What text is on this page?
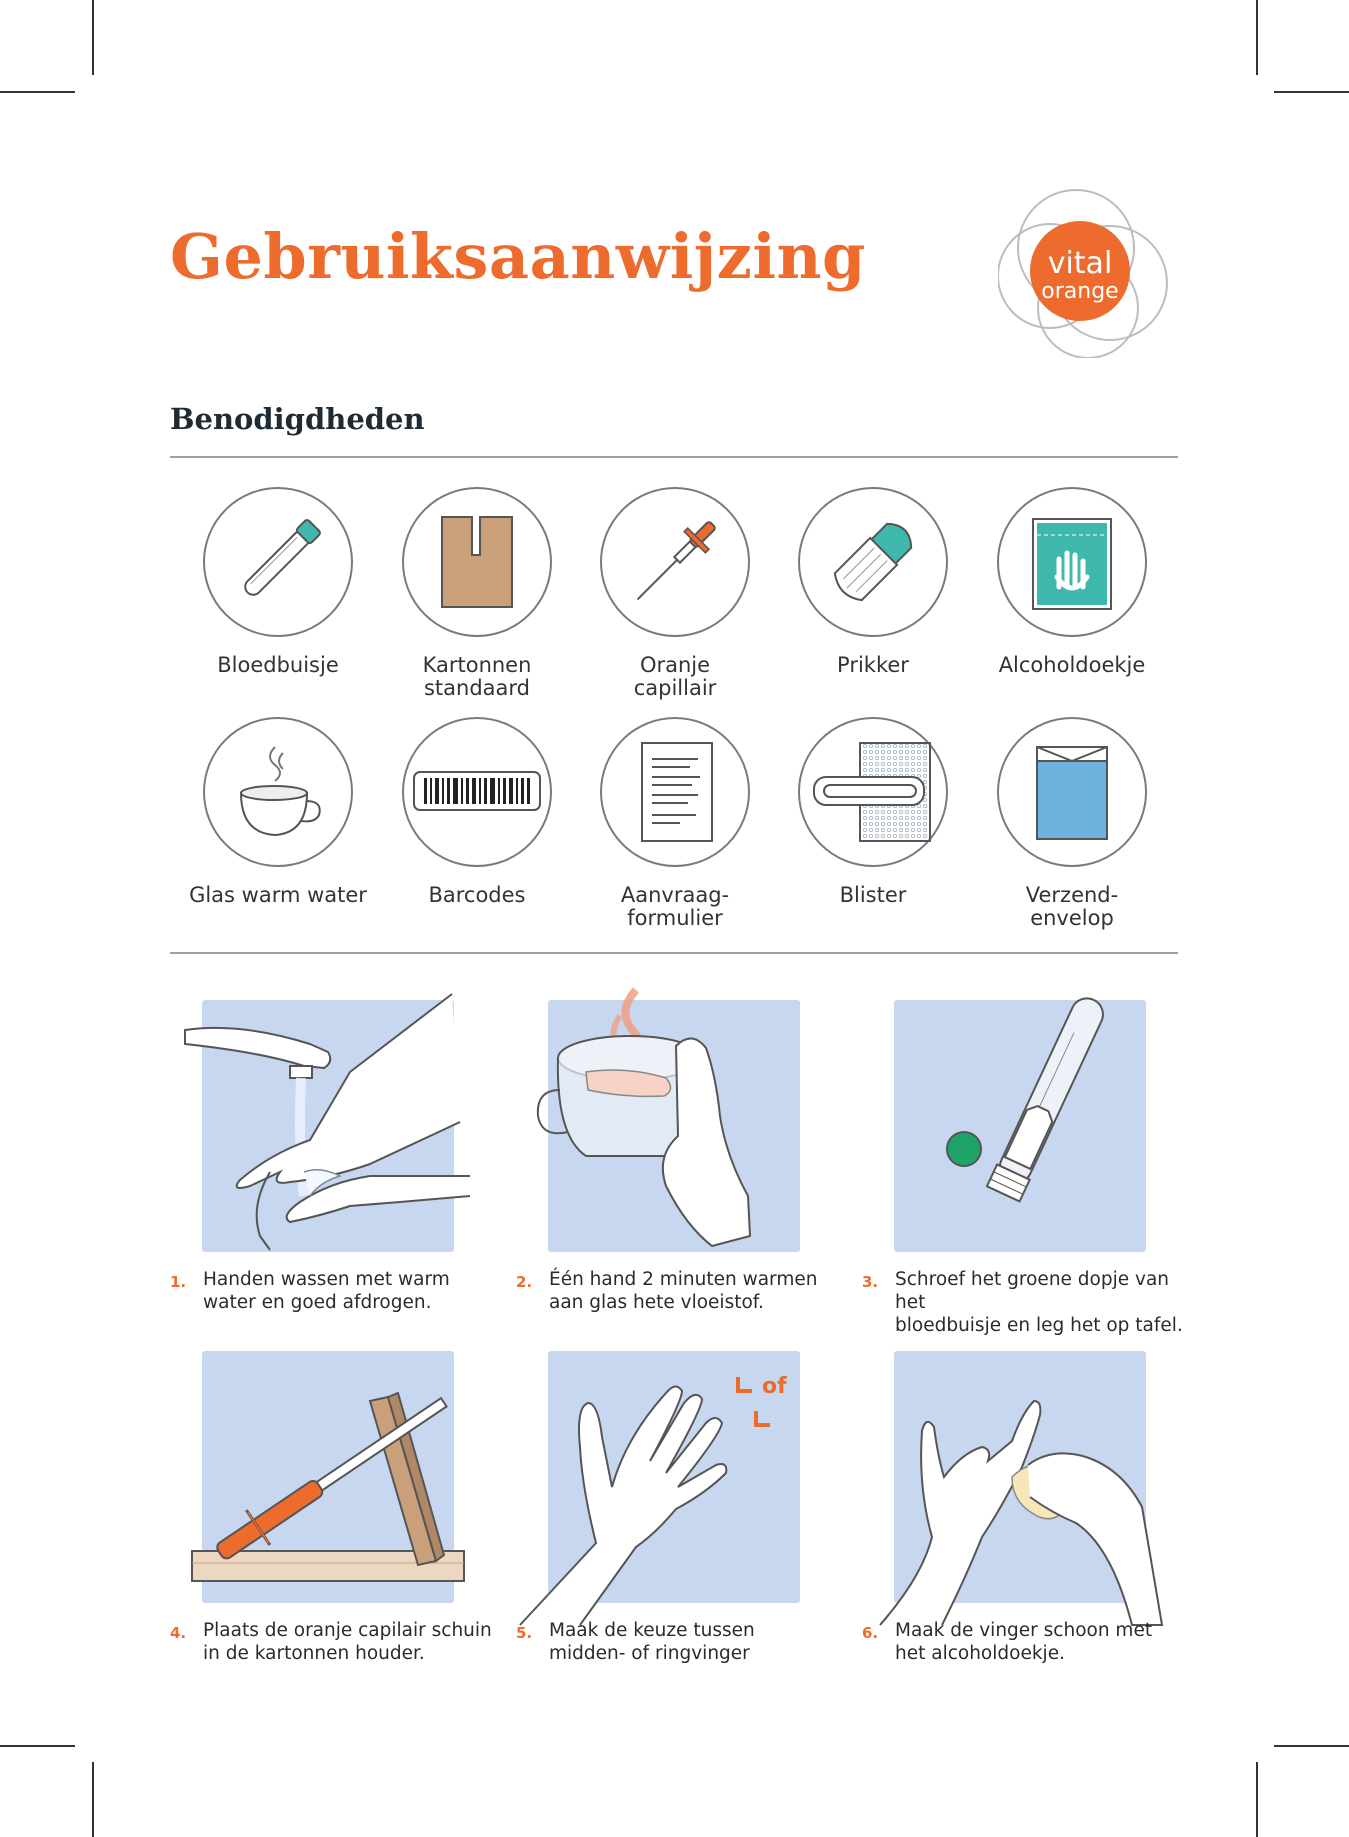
Gebruiksaanwijzing	vital
orange
Benodigdheden
Bloedbuisje	Kartonnen
standaard
Oranje
capillair
Prikker	Alcoholdoekje
Glas warm water	Barcodes	Aanvraag-
formulier
Blister	Verzend-
envelop
1. Handen wassen met warm
water en goed afdrogen.
2. Één hand 2 minuten warmen
aan glas hete vloeistof.
3. Schroef het groene dopje van het
bloedbuisje en leg het op tafel.
4. Plaats de oranje capilair schuin
in de kartonnen houder.
of
5. Maak de keuze tussen
midden- of ringvinger
6. Maak de vinger schoon met
het alcoholdoekje.
